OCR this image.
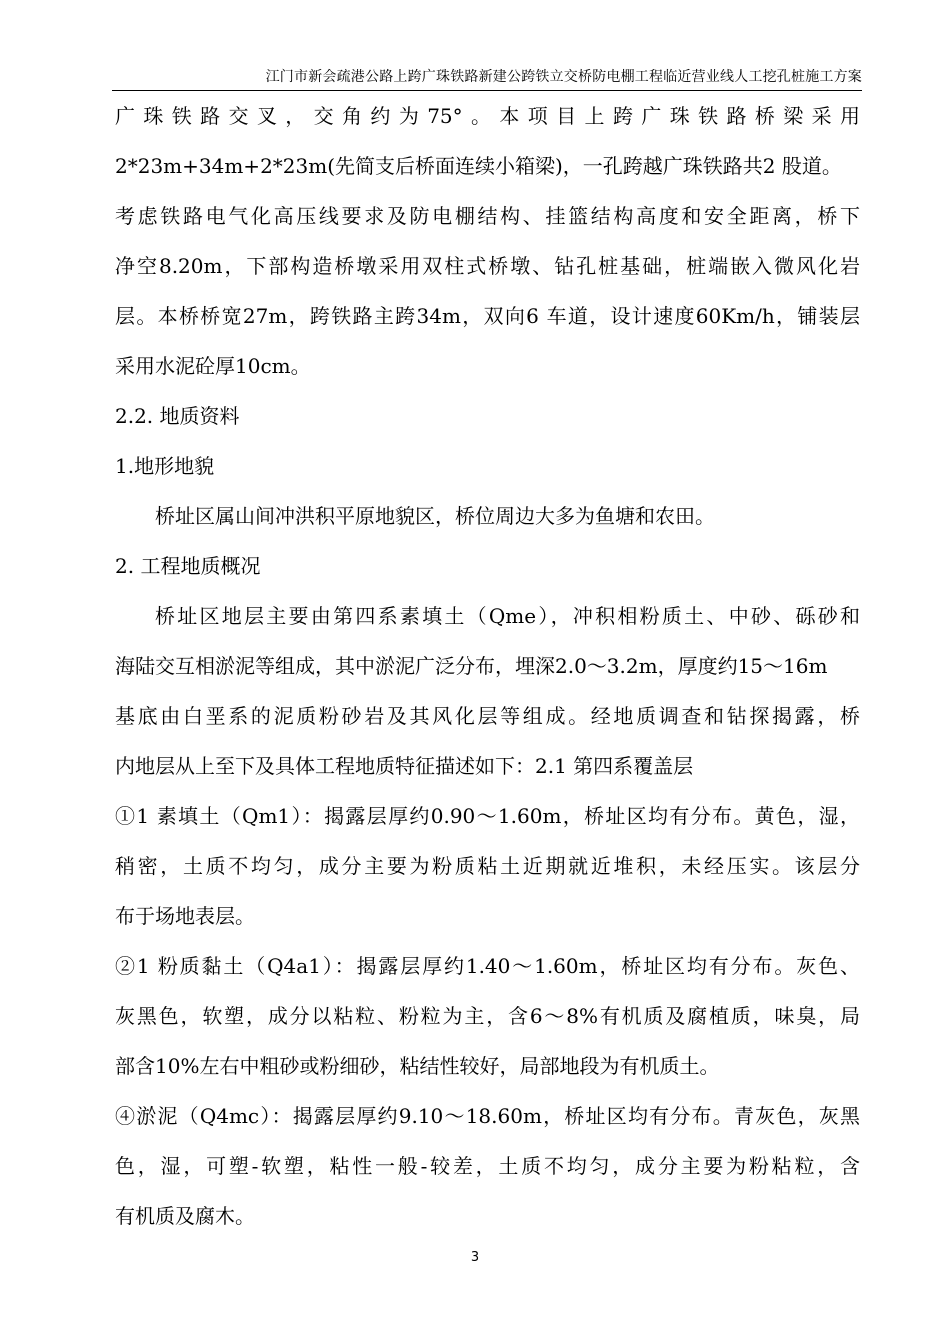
江门市新会疏港公路上跨广珠铁路新建公跨铁立交桥防电棚工程临近营业线人工挖孔桩施工方案
广珠铁路交叉，交角约为75°。本项目上跨广珠铁路桥梁采用
2*23m+34m+2*23m(先简支后桥面连续小箱梁)，一孔跨越广珠铁路共2 股道。
考虑铁路电气化高压线要求及防电棚结构、挂篮结构高度和安全距离，桥下
净空8.20m，下部构造桥墩采用双柱式桥墩、钻孔桩基础，桩端嵌入微风化岩
层。本桥桥宽27m，跨铁路主跨34m，双向6 车道，设计速度60Km/h，铺装层
采用水泥砼厚10cm。
2.2. 地质资料
1.地形地貌
桥址区属山间冲洪积平原地貌区，桥位周边大多为鱼塘和农田。
2. 工程地质概况
桥址区地层主要由第四系素填土（Qme），冲积相粉质土、中砂、砾砂和
海陆交互相淤泥等组成，其中淤泥广泛分布，埋深2.0～3.2m，厚度约15～16m
基底由白垩系的泥质粉砂岩及其风化层等组成。经地质调查和钻探揭露，桥
内地层从上至下及具体工程地质特征描述如下：2.1 第四系覆盖层
①1 素填土（Qm1）：揭露层厚约0.90～1.60m，桥址区均有分布。黄色，湿，
稍密，土质不均匀，成分主要为粉质粘土近期就近堆积，未经压实。该层分
布于场地表层。
②1 粉质黏土（Q4a1）：揭露层厚约1.40～1.60m，桥址区均有分布。灰色、
灰黑色，软塑，成分以粘粒、粉粒为主，含6～8%有机质及腐植质，味臭，局
部含10%左右中粗砂或粉细砂，粘结性较好，局部地段为有机质土。
④淤泥（Q4mc）：揭露层厚约9.10～18.60m，桥址区均有分布。青灰色，灰黑
色，湿，可塑-软塑，粘性一般-较差，土质不均匀，成分主要为粉粘粒，含
有机质及腐木。
3
